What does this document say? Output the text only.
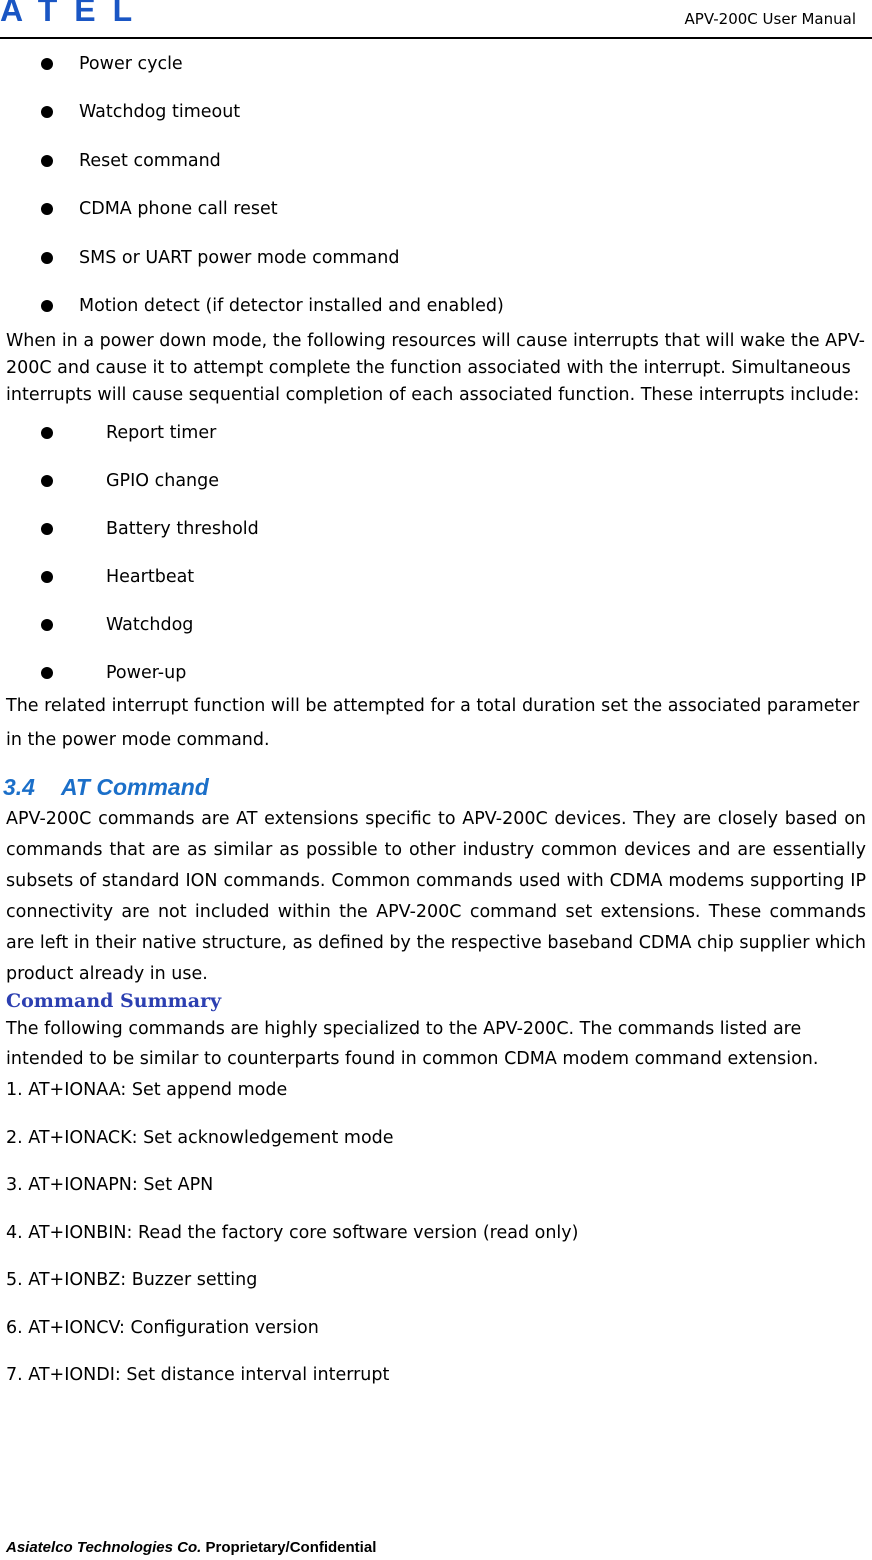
ATEL	APV-200C User Manual
Power cycle
Watchdog timeout
Reset command
CDMA phone call reset
SMS or UART power mode command
Motion detect (if detector installed and enabled)

When in a power down mode, the following resources will cause interrupts that will wake the APV-200C and cause it to attempt complete the function associated with the interrupt. Simultaneous interrupts will cause sequential completion of each associated function. These interrupts include:

Report timer
GPIO change
Battery threshold
Heartbeat
Watchdog
Power-up

The related interrupt function will be attempted for a total duration set the associated parameter in the power mode command.

3.4 AT Command

APV-200C commands are AT extensions specific to APV-200C devices. They are closely based on commands that are as similar as possible to other industry common devices and are essentially subsets of standard ION commands. Common commands used with CDMA modems supporting IP connectivity are not included within the APV-200C command set extensions. These commands are left in their native structure, as defined by the respective baseband CDMA chip supplier which product already in use.

Command Summary

The following commands are highly specialized to the APV-200C. The commands listed are intended to be similar to counterparts found in common CDMA modem command extension.

1. AT+IONAA: Set append mode
2. AT+IONACK: Set acknowledgement mode
3. AT+IONAPN: Set APN
4. AT+IONBIN: Read the factory core software version (read only)
5. AT+IONBZ: Buzzer setting
6. AT+IONCV: Configuration version
7. AT+IONDI: Set distance interval interrupt
Asiatelco Technologies Co. Proprietary/Confidential
